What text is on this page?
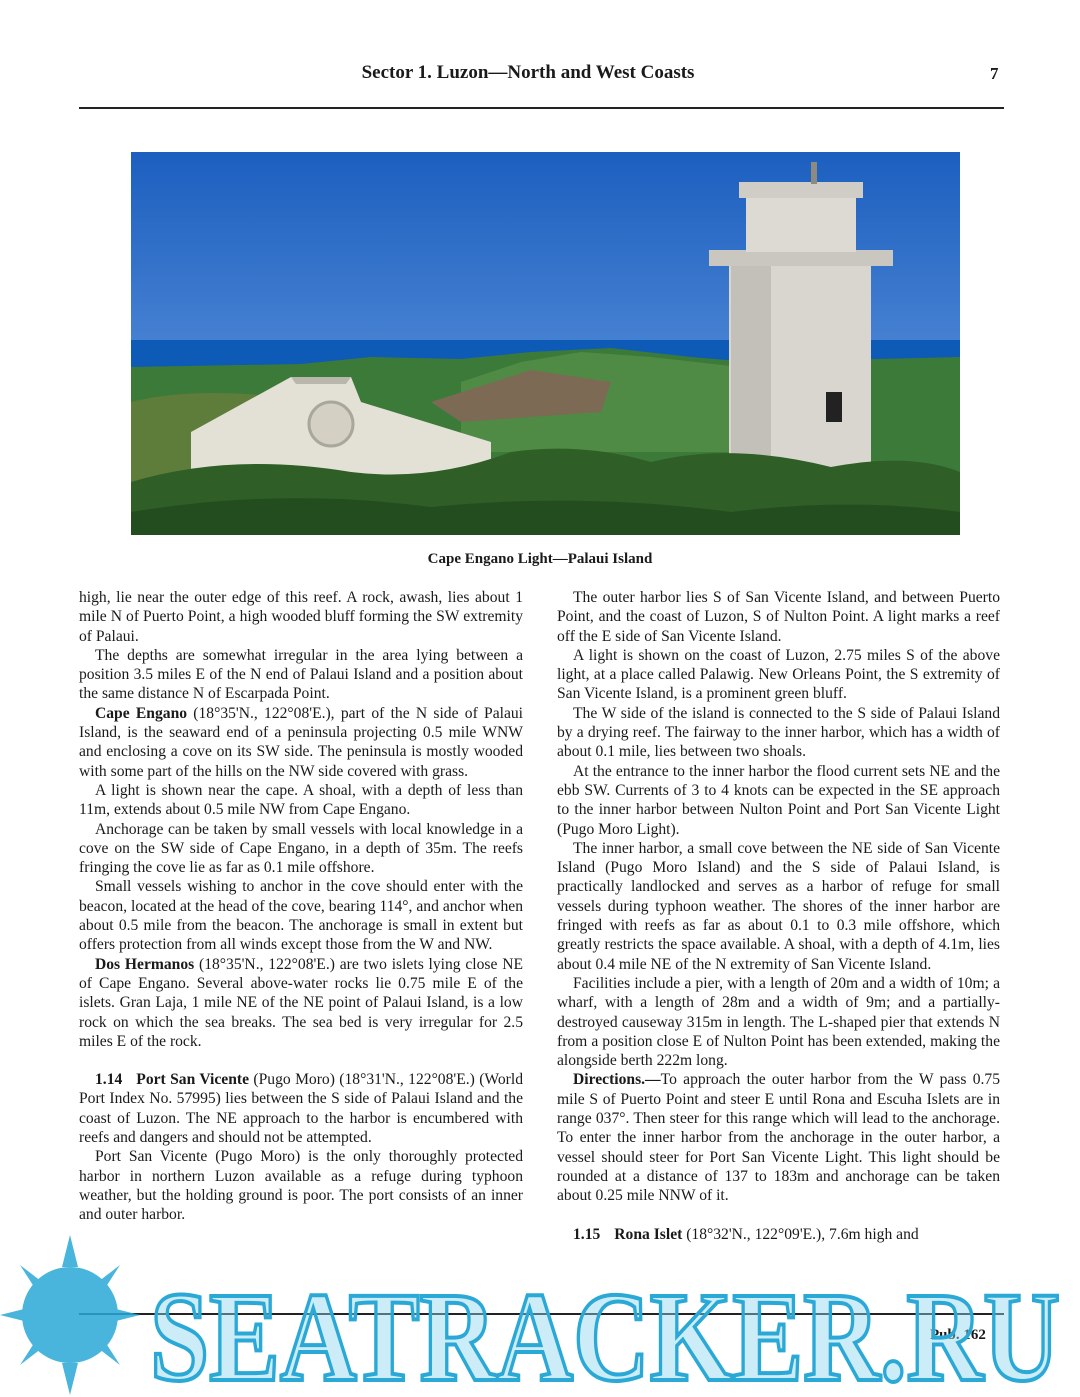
Sector 1. Luzon—North and West Coasts	7
Cape Engano Light—Palaui Island

high, lie near the outer edge of this reef. A rock, awash, lies about 1 mile N of Puerto Point, a high wooded bluff forming the SW extremity of Palaui.

The depths are somewhat irregular in the area lying between a position 3.5 miles E of the N end of Palaui Island and a position about the same distance N of Escarpada Point.

Cape Engano (18°35'N., 122°08'E.), part of the N side of Palaui Island, is the seaward end of a peninsula projecting 0.5 mile WNW and enclosing a cove on its SW side. The peninsula is mostly wooded with some part of the hills on the NW side covered with grass.

A light is shown near the cape. A shoal, with a depth of less than 11m, extends about 0.5 mile NW from Cape Engano.

Anchorage can be taken by small vessels with local knowledge in a cove on the SW side of Cape Engano, in a depth of 35m. The reefs fringing the cove lie as far as 0.1 mile offshore.

Small vessels wishing to anchor in the cove should enter with the beacon, located at the head of the cove, bearing 114°, and anchor when about 0.5 mile from the beacon. The anchorage is small in extent but offers protection from all winds except those from the W and NW.

Dos Hermanos (18°35'N., 122°08'E.) are two islets lying close NE of Cape Engano. Several above-water rocks lie 0.75 mile E of the islets. Gran Laja, 1 mile NE of the NE point of Palaui Island, is a low rock on which the sea breaks. The sea bed is very irregular for 2.5 miles E of the rock.

1.14 Port San Vicente (Pugo Moro) (18°31'N., 122°08'E.) (World Port Index No. 57995) lies between the S side of Palaui Island and the coast of Luzon. The NE approach to the harbor is encumbered with reefs and dangers and should not be attempted.

Port San Vicente (Pugo Moro) is the only thoroughly protected harbor in northern Luzon available as a refuge during typhoon weather, but the holding ground is poor. The port consists of an inner and outer harbor.

The outer harbor lies S of San Vicente Island, and between Puerto Point, and the coast of Luzon, S of Nulton Point. A light marks a reef off the E side of San Vicente Island.

A light is shown on the coast of Luzon, 2.75 miles S of the above light, at a place called Palawig. New Orleans Point, the S extremity of San Vicente Island, is a prominent green bluff.

The W side of the island is connected to the S side of Palaui Island by a drying reef. The fairway to the inner harbor, which has a width of about 0.1 mile, lies between two shoals.

At the entrance to the inner harbor the flood current sets NE and the ebb SW. Currents of 3 to 4 knots can be expected in the SE approach to the inner harbor between Nulton Point and Port San Vicente Light (Pugo Moro Light).

The inner harbor, a small cove between the NE side of San Vicente Island (Pugo Moro Island) and the S side of Palaui Island, is practically landlocked and serves as a harbor of refuge for small vessels during typhoon weather. The shores of the inner harbor are fringed with reefs as far as about 0.1 to 0.3 mile offshore, which greatly restricts the space available. A shoal, with a depth of 4.1m, lies about 0.4 mile NE of the N extremity of San Vicente Island.

Facilities include a pier, with a length of 20m and a width of 10m; a wharf, with a length of 28m and a width of 9m; and a partially-destroyed causeway 315m in length. The L-shaped pier that extends N from a position close E of Nulton Point has been extended, making the alongside berth 222m long.

Directions.—To approach the outer harbor from the W pass 0.75 mile S of Puerto Point and steer E until Rona and Escuha Islets are in range 037°. Then steer for this range which will lead to the anchorage. To enter the inner harbor from the anchorage in the outer harbor, a vessel should steer for Port San Vicente Light. This light should be rounded at a distance of 137 to 183m and anchorage can be taken about 0.25 mile NNW of it.

1.15 Rona Islet (18°32'N., 122°09'E.), 7.6m high and

Pub. 162
SEATRACKER.RU
